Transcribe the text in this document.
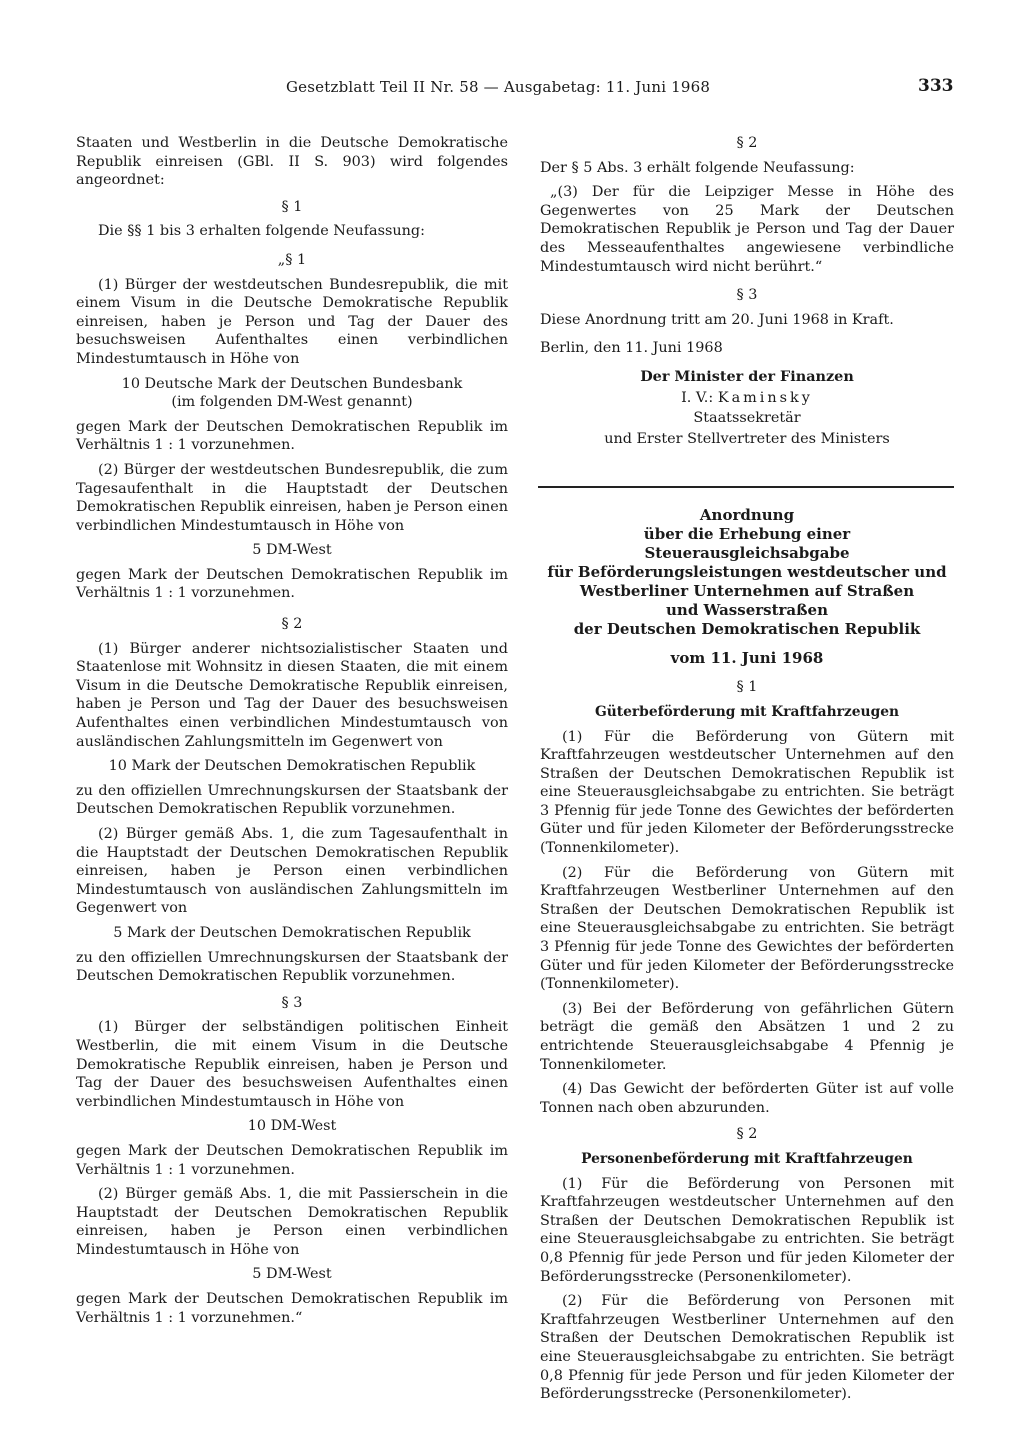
Gesetzblatt Teil II Nr. 58 — Ausgabetag: 11. Juni 1968	333

Staaten und Westberlin in die Deutsche Demokratische Republik einreisen (GBl. II S. 903) wird folgendes angeordnet:

§ 1

Die §§ 1 bis 3 erhalten folgende Neufassung:

„§ 1

(1) Bürger der westdeutschen Bundesrepublik, die mit einem Visum in die Deutsche Demokratische Republik einreisen, haben je Person und Tag der Dauer des besuchsweisen Aufenthaltes einen verbindlichen Mindestumtausch in Höhe von

10 Deutsche Mark der Deutschen Bundesbank
(im folgenden DM-West genannt)

gegen Mark der Deutschen Demokratischen Republik im Verhältnis 1 : 1 vorzunehmen.

(2) Bürger der westdeutschen Bundesrepublik, die zum Tagesaufenthalt in die Hauptstadt der Deutschen Demokratischen Republik einreisen, haben je Person einen verbindlichen Mindestumtausch in Höhe von

5 DM-West

gegen Mark der Deutschen Demokratischen Republik im Verhältnis 1 : 1 vorzunehmen.

§ 2

(1) Bürger anderer nichtsozialistischer Staaten und Staatenlose mit Wohnsitz in diesen Staaten, die mit einem Visum in die Deutsche Demokratische Republik einreisen, haben je Person und Tag der Dauer des besuchsweisen Aufenthaltes einen verbindlichen Mindestumtausch von ausländischen Zahlungsmitteln im Gegenwert von

10 Mark der Deutschen Demokratischen Republik

zu den offiziellen Umrechnungskursen der Staatsbank der Deutschen Demokratischen Republik vorzunehmen.

(2) Bürger gemäß Abs. 1, die zum Tagesaufenthalt in die Hauptstadt der Deutschen Demokratischen Republik einreisen, haben je Person einen verbindlichen Mindestumtausch von ausländischen Zahlungsmitteln im Gegenwert von

5 Mark der Deutschen Demokratischen Republik

zu den offiziellen Umrechnungskursen der Staatsbank der Deutschen Demokratischen Republik vorzunehmen.

§ 3

(1) Bürger der selbständigen politischen Einheit Westberlin, die mit einem Visum in die Deutsche Demokratische Republik einreisen, haben je Person und Tag der Dauer des besuchsweisen Aufenthaltes einen verbindlichen Mindestumtausch in Höhe von

10 DM-West

gegen Mark der Deutschen Demokratischen Republik im Verhältnis 1 : 1 vorzunehmen.

(2) Bürger gemäß Abs. 1, die mit Passierschein in die Hauptstadt der Deutschen Demokratischen Republik einreisen, haben je Person einen verbindlichen Mindestumtausch in Höhe von

5 DM-West

gegen Mark der Deutschen Demokratischen Republik im Verhältnis 1 : 1 vorzunehmen.“

§ 2

Der § 5 Abs. 3 erhält folgende Neufassung:

„(3) Der für die Leipziger Messe in Höhe des Gegenwertes von 25 Mark der Deutschen Demokratischen Republik je Person und Tag der Dauer des Messeaufenthaltes angewiesene verbindliche Mindestumtausch wird nicht berührt.“

§ 3

Diese Anordnung tritt am 20. Juni 1968 in Kraft.

Berlin, den 11. Juni 1968

Der Minister der Finanzen

I. V.: Kaminsky

Staatssekretär

und Erster Stellvertreter des Ministers

Anordnung
über die Erhebung einer Steuerausgleichsabgabe
für Beförderungsleistungen westdeutscher und
Westberliner Unternehmen auf Straßen
und Wasserstraßen
der Deutschen Demokratischen Republik
vom 11. Juni 1968
§ 1
Güterbeförderung mit Kraftfahrzeugen

(1) Für die Beförderung von Gütern mit Kraftfahrzeugen westdeutscher Unternehmen auf den Straßen der Deutschen Demokratischen Republik ist eine Steuerausgleichsabgabe zu entrichten. Sie beträgt 3 Pfennig für jede Tonne des Gewichtes der beförderten Güter und für jeden Kilometer der Beförderungsstrecke (Tonnenkilometer).

(2) Für die Beförderung von Gütern mit Kraftfahrzeugen Westberliner Unternehmen auf den Straßen der Deutschen Demokratischen Republik ist eine Steuerausgleichsabgabe zu entrichten. Sie beträgt 3 Pfennig für jede Tonne des Gewichtes der beförderten Güter und für jeden Kilometer der Beförderungsstrecke (Tonnenkilometer).

(3) Bei der Beförderung von gefährlichen Gütern beträgt die gemäß den Absätzen 1 und 2 zu entrichtende Steuerausgleichsabgabe 4 Pfennig je Tonnenkilometer.

(4) Das Gewicht der beförderten Güter ist auf volle Tonnen nach oben abzurunden.

§ 2
Personenbeförderung mit Kraftfahrzeugen

(1) Für die Beförderung von Personen mit Kraftfahrzeugen westdeutscher Unternehmen auf den Straßen der Deutschen Demokratischen Republik ist eine Steuerausgleichsabgabe zu entrichten. Sie beträgt 0,8 Pfennig für jede Person und für jeden Kilometer der Beförderungsstrecke (Personenkilometer).

(2) Für die Beförderung von Personen mit Kraftfahrzeugen Westberliner Unternehmen auf den Straßen der Deutschen Demokratischen Republik ist eine Steuerausgleichsabgabe zu entrichten. Sie beträgt 0,8 Pfennig für jede Person und für jeden Kilometer der Beförderungsstrecke (Personenkilometer).
